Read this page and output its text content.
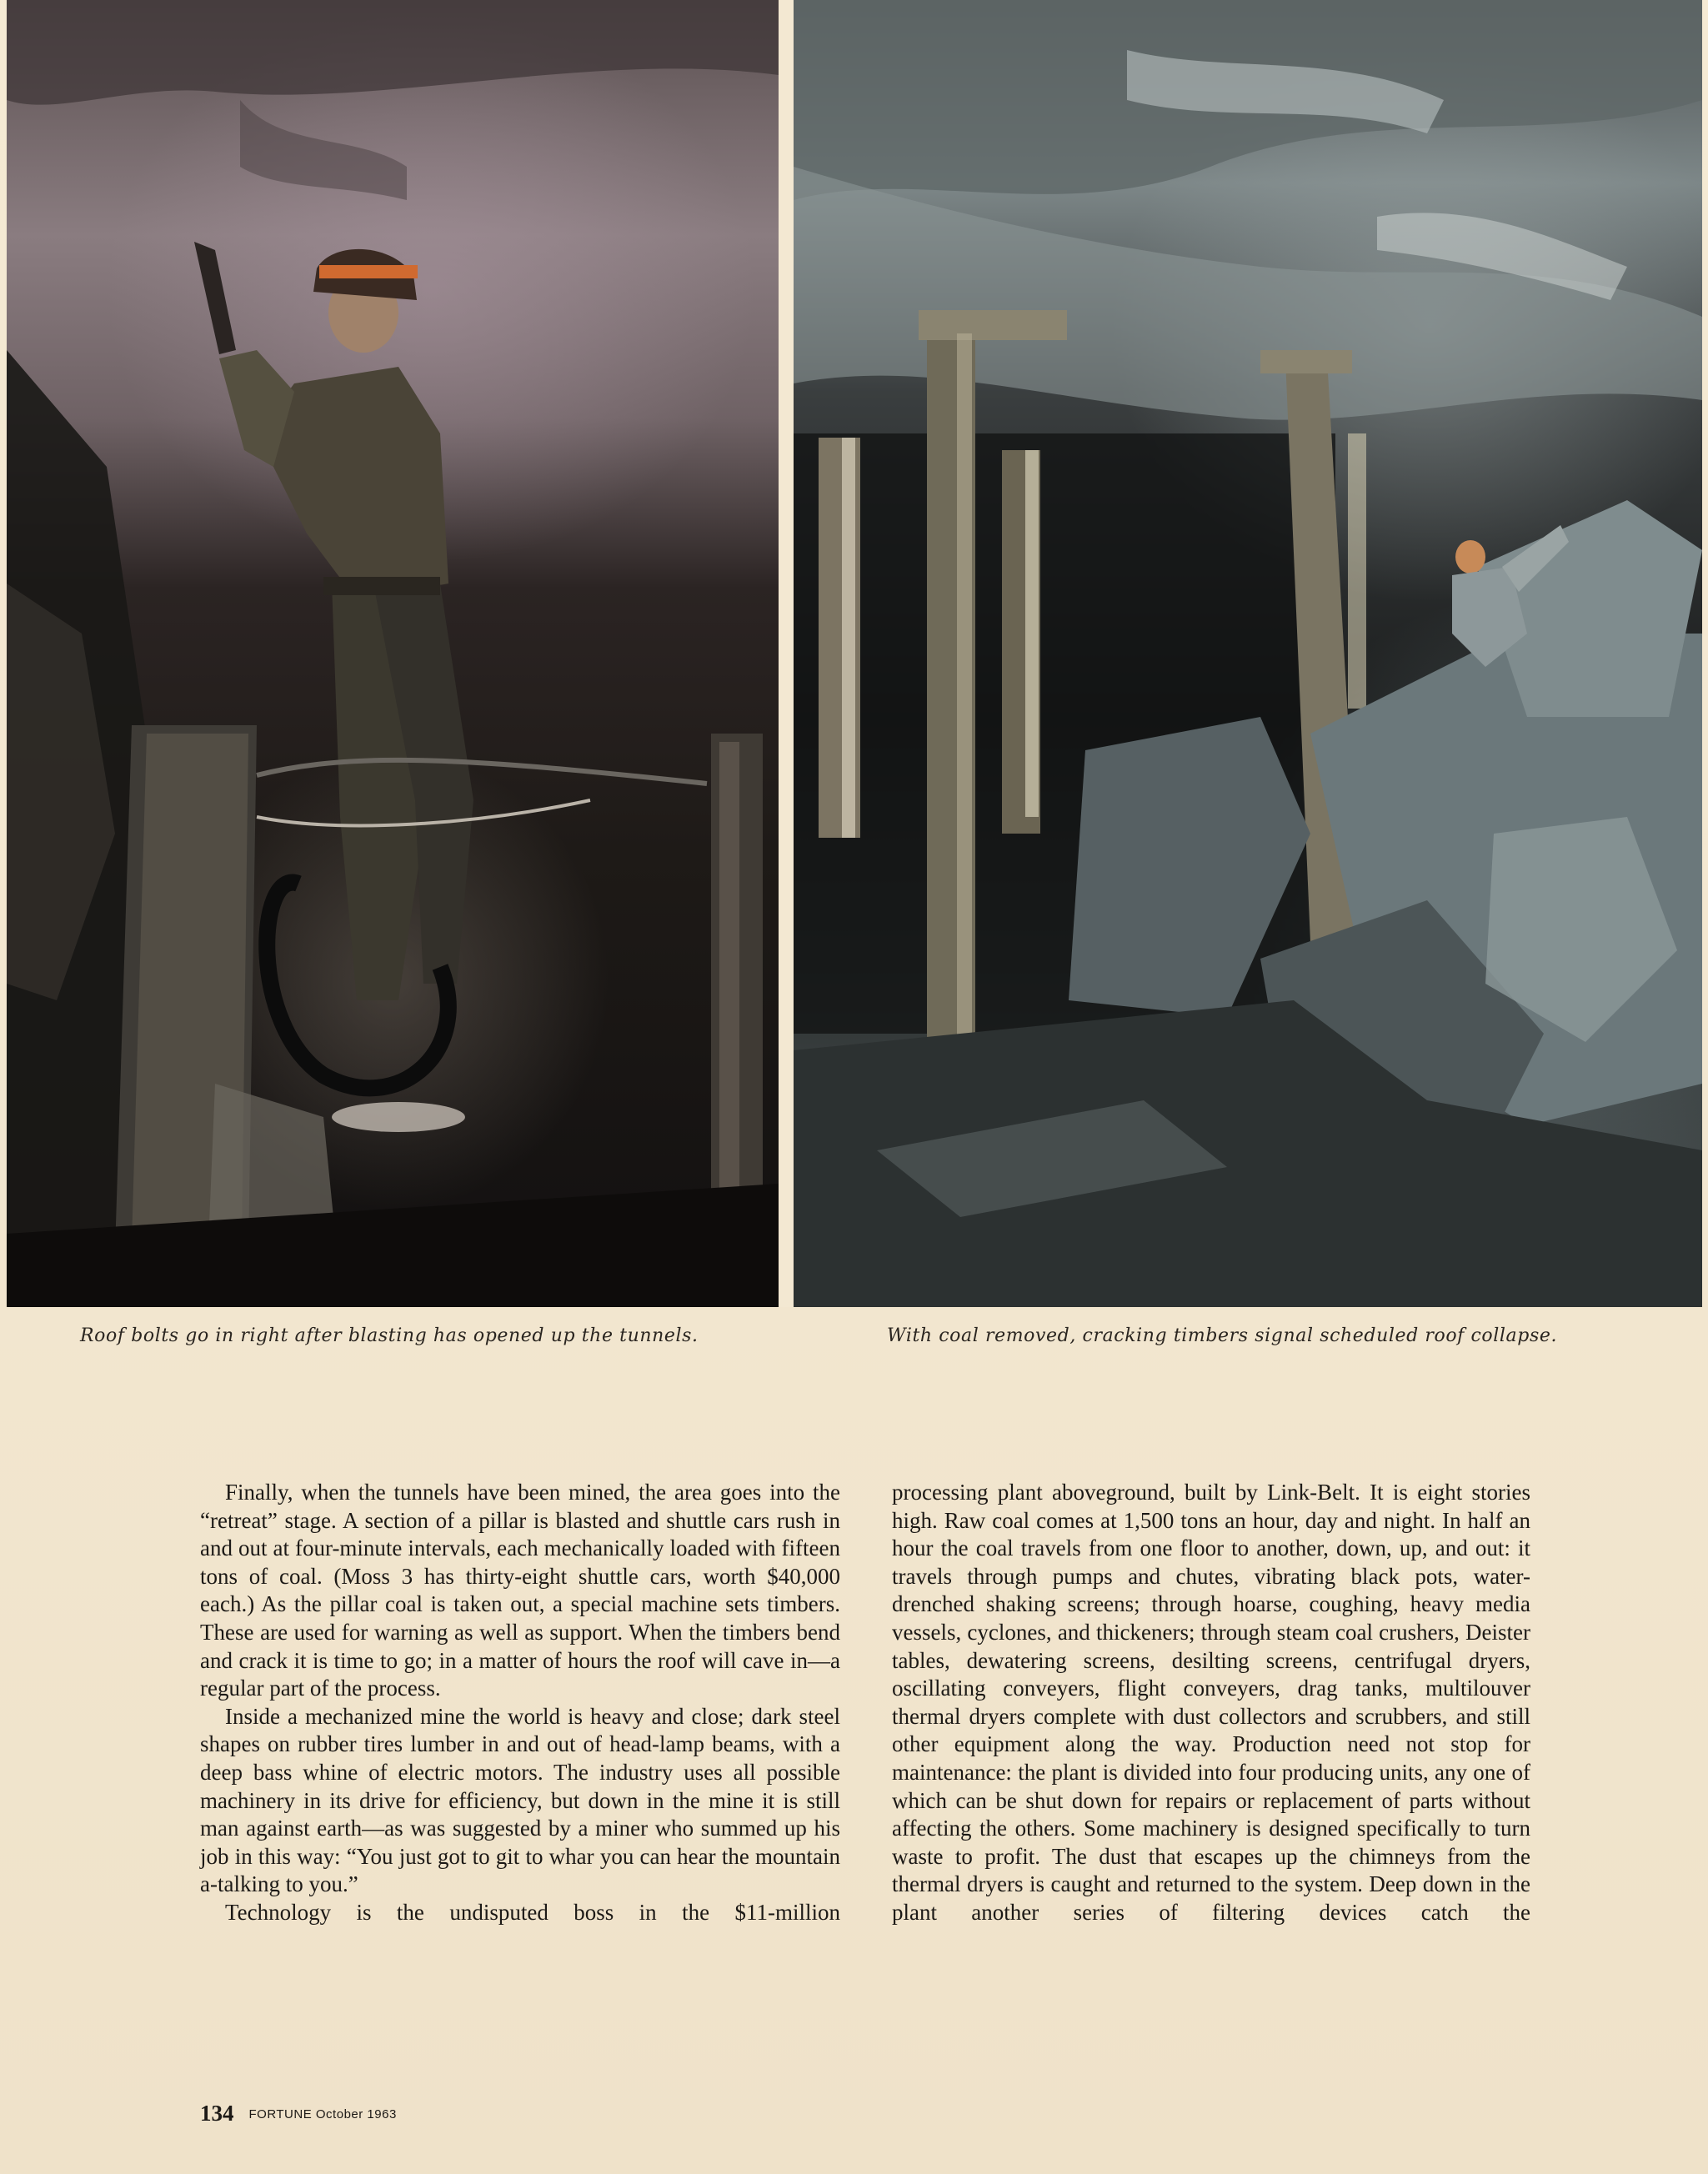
Roof bolts go in right after blasting has opened up the tunnels.	With coal removed, cracking timbers signal scheduled roof collapse.

Finally, when the tunnels have been mined, the area goes into the “retreat” stage. A section of a pillar is blasted and shuttle cars rush in and out at four-minute intervals, each mechanically loaded with fifteen tons of coal. (Moss 3 has thirty-eight shuttle cars, worth $40,000 each.) As the pillar coal is taken out, a special machine sets timbers. These are used for warning as well as support. When the timbers bend and crack it is time to go; in a matter of hours the roof will cave in—a regular part of the process.

Inside a mechanized mine the world is heavy and close; dark steel shapes on rubber tires lumber in and out of head-lamp beams, with a deep bass whine of electric motors. The industry uses all possible machinery in its drive for efficiency, but down in the mine it is still man against earth—as was suggested by a miner who summed up his job in this way: “You just got to git to whar you can hear the mountain a-talking to you.”

Technology is the undisputed boss in the $11-million

processing plant aboveground, built by Link-Belt. It is eight stories high. Raw coal comes at 1,500 tons an hour, day and night. In half an hour the coal travels from one floor to another, down, up, and out: it travels through pumps and chutes, vibrating black pots, water-drenched shaking screens; through hoarse, coughing, heavy media vessels, cyclones, and thickeners; through steam coal crushers, Deister tables, dewatering screens, desilting screens, centrifugal dryers, oscillating conveyers, flight conveyers, drag tanks, multilouver thermal dryers complete with dust collectors and scrubbers, and still other equipment along the way. Production need not stop for maintenance: the plant is divided into four producing units, any one of which can be shut down for repairs or replacement of parts without affecting the others. Some machinery is designed specifically to turn waste to profit. The dust that escapes up the chimneys from the thermal dryers is caught and returned to the system. Deep down in the plant another series of filtering devices catch the

134 FORTUNE October 1963
